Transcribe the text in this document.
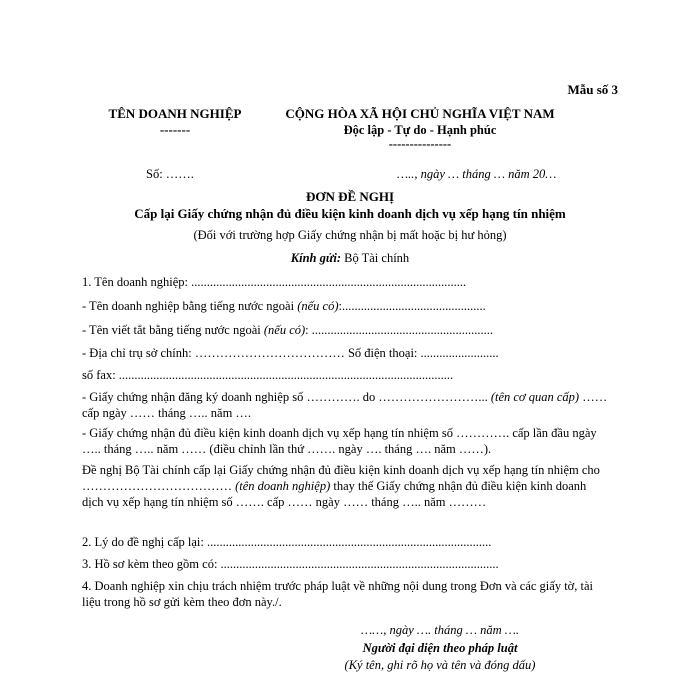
Mẫu số 3
TÊN DOANH NGHIỆP
-------
CỘNG HÒA XÃ HỘI CHỦ NGHĨA VIỆT NAM
Độc lập - Tự do - Hạnh phúc
---------------
Số: …….	….., ngày … tháng … năm 20…
ĐƠN ĐỀ NGHỊ
Cấp lại Giấy chứng nhận đủ điều kiện kinh doanh dịch vụ xếp hạng tín nhiệm
(Đối với trường hợp Giấy chứng nhận bị mất hoặc bị hư hỏng)
Kính gửi: Bộ Tài chính
1. Tên doanh nghiệp: ........................................................................................
- Tên doanh nghiệp bằng tiếng nước ngoài (nếu có):..............................................
- Tên viết tắt bằng tiếng nước ngoài (nếu có): ..........................................................
- Địa chỉ trụ sở chính: ……………………………… Số điện thoại: .........................
số fax: ...........................................................................................................
- Giấy chứng nhận đăng ký doanh nghiệp số …………. do ……………………... (tên cơ quan cấp) …… cấp ngày …… tháng ….. năm ….
- Giấy chứng nhận đủ điều kiện kinh doanh dịch vụ xếp hạng tín nhiệm số …………. cấp lần đầu ngày ….. tháng ….. năm …… (điều chỉnh lần thứ ……. ngày …. tháng …. năm ……).
Đề nghị Bộ Tài chính cấp lại Giấy chứng nhận đủ điều kiện kinh doanh dịch vụ xếp hạng tín nhiệm cho ……………………………… (tên doanh nghiệp) thay thế Giấy chứng nhận đủ điều kiện kinh doanh dịch vụ xếp hạng tín nhiệm số ……. cấp …… ngày …… tháng ….. năm ………
2. Lý do đề nghị cấp lại: ...........................................................................................
3. Hồ sơ kèm theo gồm có: .........................................................................................
4. Doanh nghiệp xin chịu trách nhiệm trước pháp luật về những nội dung trong Đơn và các giấy tờ, tài liệu trong hồ sơ gửi kèm theo đơn này./.
……, ngày …. tháng … năm ….
Người đại diện theo pháp luật
(Ký tên, ghi rõ họ và tên và đóng dấu)
